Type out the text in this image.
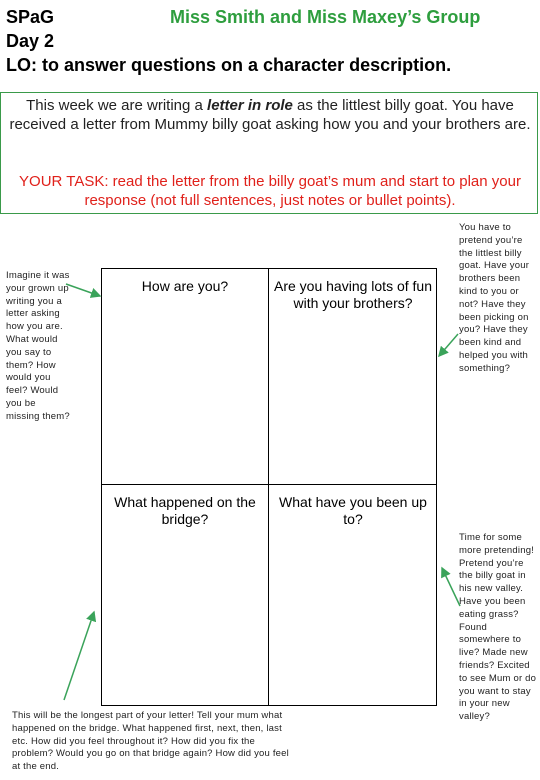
SPaG	Miss Smith and Miss Maxey’s Group
Day 2
LO: to answer questions on a character description.
This week we are writing a letter in role as the littlest billy goat. You have received a letter from Mummy billy goat asking how you and your brothers are.
YOUR TASK: read the letter from the billy goat’s mum and start to plan your response (not full sentences, just notes or bullet points).
How are you?	Are you having lots of fun with your brothers?
What happened on the bridge?
What have you been up to?
Imagine it was your grown up writing you a letter asking how you are. What would you say to them? How would you feel? Would you be missing them?
You have to pretend you’re the littlest billy goat. Have your brothers been kind to you or not? Have they been picking on you? Have they been kind and helped you with something?
Time for some more pretending! Pretend you’re the billy goat in his new valley. Have you been eating grass? Found somewhere to live? Made new friends? Excited to see Mum or do you want to stay in your new valley?
This will be the longest part of your letter! Tell your mum what happened on the bridge. What happened first, next, then, last etc. How did you feel throughout it? How did you fix the problem? Would you go on that bridge again? How did you feel at the end.
